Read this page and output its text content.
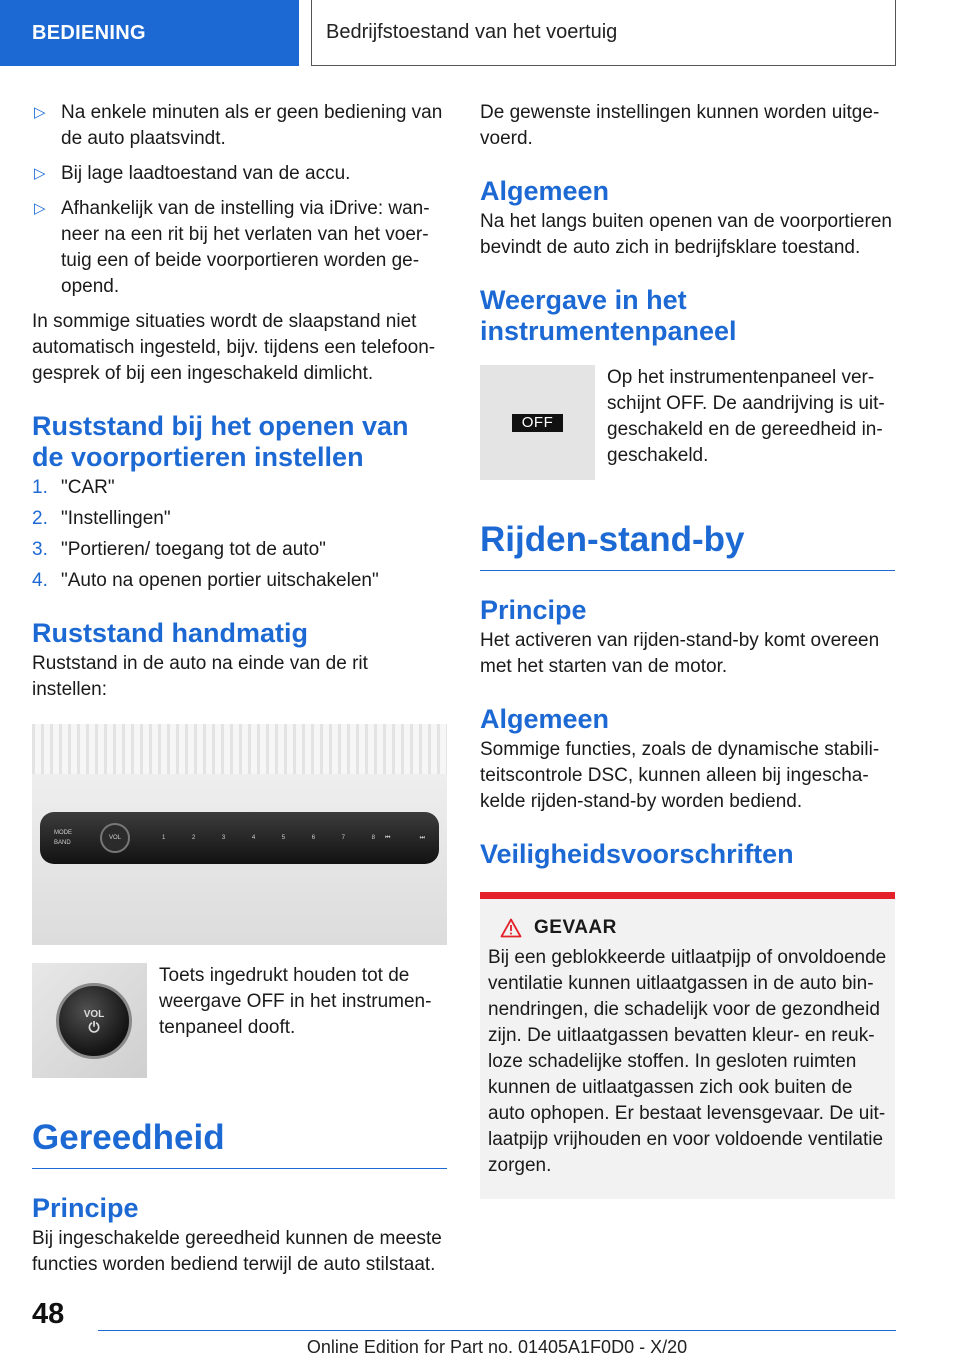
BEDIENING	Bedrijfstoestand van het voertuig
▷ Na enkele minuten als er geen bediening van de auto plaatsvindt.
▷ Bij lage laadtoestand van de accu.
▷ Afhankelijk van de instelling via iDrive: wanneer na een rit bij het verlaten van het voertuig een of beide voorportieren worden geopend.

In sommige situaties wordt de slaapstand niet automatisch ingesteld, bijv. tijdens een telefoongesprek of bij een ingeschakeld dimlicht.

Ruststand bij het openen van de voorportieren instellen
1. "CAR"
2. "Instellingen"
3. "Portieren/ toegang tot de auto"
4. "Auto na openen portier uitschakelen"
Ruststand handmatig

Ruststand in de auto na einde van de rit instellen:

MODE
BAND
VOL	1	2	3	4	5	6	7	8 ⏮	⏭
VOL
⏻

Toets ingedrukt houden tot de weergave OFF in het instrumentenpaneel dooft.

Gereedheid
Principe

Bij ingeschakelde gereedheid kunnen de meeste functies worden bediend terwijl de auto stilstaat.

De gewenste instellingen kunnen worden uitgevoerd.

Algemeen

Na het langs buiten openen van de voorportieren bevindt de auto zich in bedrijfsklare toestand.

Weergave in het instrumentenpaneel
OFF

Op het instrumentenpaneel verschijnt OFF. De aandrijving is uitgeschakeld en de gereedheid ingeschakeld.

Rijden-stand-by
Principe

Het activeren van rijden-stand-by komt overeen met het starten van de motor.

Algemeen

Sommige functies, zoals de dynamische stabiliteitscontrole DSC, kunnen alleen bij ingeschakelde rijden-stand-by worden bediend.

Veiligheidsvoorschriften
GEVAAR

Bij een geblokkeerde uitlaatpijp of onvoldoende ventilatie kunnen uitlaatgassen in de auto binnendringen, die schadelijk voor de gezondheid zijn. De uitlaatgassen bevatten kleur- en reukloze schadelijke stoffen. In gesloten ruimten kunnen de uitlaatgassen zich ook buiten de auto ophopen. Er bestaat levensgevaar. De uitlaatpijp vrijhouden en voor voldoende ventilatie zorgen.

48
Online Edition for Part no. 01405A1F0D0 - X/20
